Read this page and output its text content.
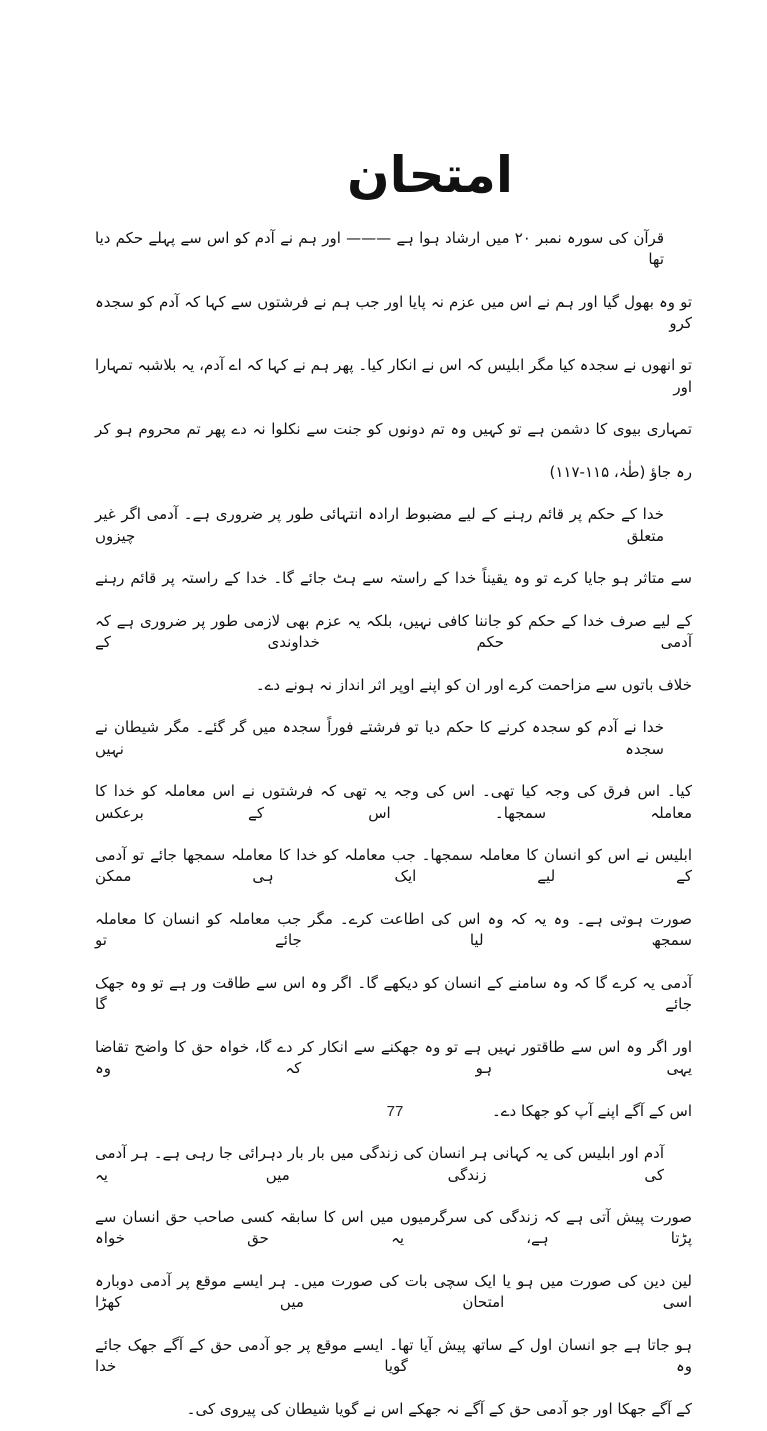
امتحان
قرآن کی سورہ نمبر ۲۰ میں ارشاد ہوا ہے ——— اور ہم نے آدم کو اس سے پہلے حکم دیا تھا
تو وہ بھول گیا اور ہم نے اس میں عزم نہ پایا اور جب ہم نے فرشتوں سے کہا کہ آدم کو سجدہ کرو
تو انھوں نے سجدہ کیا مگر ابلیس کہ اس نے انکار کیا۔ پھر ہم نے کہا کہ اے آدم، یہ بلاشبہ تمہارا اور
تمہاری بیوی کا دشمن ہے تو کہیں وہ تم دونوں کو جنت سے نکلوا نہ دے پھر تم محروم ہو کر
رہ جاؤ (طٰہٰ، ۱۱۵-۱۱۷)
خدا کے حکم پر قائم رہنے کے لیے مضبوط ارادہ انتہائی طور پر ضروری ہے۔ آدمی اگر غیر متعلق چیزوں
سے متاثر ہو جایا کرے تو وہ یقیناً خدا کے راستہ سے ہٹ جائے گا۔ خدا کے راستہ پر قائم رہنے
کے لیے صرف خدا کے حکم کو جاننا کافی نہیں، بلکہ یہ عزم بھی لازمی طور پر ضروری ہے کہ آدمی حکم خداوندی کے
خلاف باتوں سے مزاحمت کرے اور ان کو اپنے اوپر اثر انداز نہ ہونے دے۔
خدا نے آدم کو سجدہ کرنے کا حکم دیا تو فرشتے فوراً سجدہ میں گر گئے۔ مگر شیطان نے سجدہ نہیں
کیا۔ اس فرق کی وجہ کیا تھی۔ اس کی وجہ یہ تھی کہ فرشتوں نے اس معاملہ کو خدا کا معاملہ سمجھا۔ اس کے برعکس
ابلیس نے اس کو انسان کا معاملہ سمجھا۔ جب معاملہ کو خدا کا معاملہ سمجھا جائے تو آدمی کے لیے ایک ہی ممکن
صورت ہوتی ہے۔ وہ یہ کہ وہ اس کی اطاعت کرے۔ مگر جب معاملہ کو انسان کا معاملہ سمجھ لیا جائے تو
آدمی یہ کرے گا کہ وہ سامنے کے انسان کو دیکھے گا۔ اگر وہ اس سے طاقت ور ہے تو وہ جھک جائے گا
اور اگر وہ اس سے طاقتور نہیں ہے تو وہ جھکنے سے انکار کر دے گا، خواہ حق کا واضح تقاضا یہی ہو کہ وہ
اس کے آگے اپنے آپ کو جھکا دے۔
آدم اور ابلیس کی یہ کہانی ہر انسان کی زندگی میں بار بار دہرائی جا رہی ہے۔ ہر آدمی کی زندگی میں یہ
صورت پیش آتی ہے کہ زندگی کی سرگرمیوں میں اس کا سابقہ کسی صاحب حق انسان سے پڑتا ہے، یہ حق خواہ
لین دین کی صورت میں ہو یا ایک سچی بات کی صورت میں۔ ہر ایسے موقع پر آدمی دوبارہ اسی امتحان میں کھڑا
ہو جاتا ہے جو انسان اول کے ساتھ پیش آیا تھا۔ ایسے موقع پر جو آدمی حق کے آگے جھک جائے وہ گویا خدا
کے آگے جھکا اور جو آدمی حق کے آگے نہ جھکے اس نے گویا شیطان کی پیروی کی۔
77
